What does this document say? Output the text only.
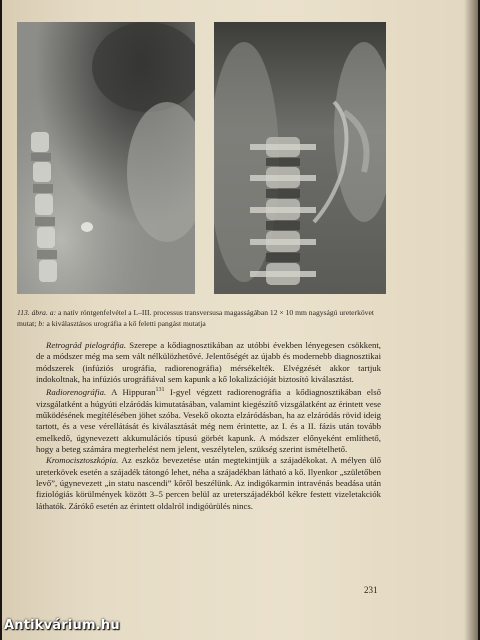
113. ábra. a: a natív röntgenfelvétel a L–III. processus transversusa magasságában 12 × 10 mm nagyságú ureterkövet mutat; b: a kiválasztásos urográfia a kő feletti pangást mutatja

Retrográd pielográfia. Szerepe a kődiagnosztikában az utóbbi években lényegesen csökkent, de a módszer még ma sem vált nélkülözhetővé. Jelentőségét az újabb és modernebb diagnosztikai módszerek (infúziós urográfia, radiorenográfia) mérsékelték. Elvégzését akkor tartjuk indokoltnak, ha infúziós urográfiával sem kapunk a kő lokalizációját biztosító kiválasztást.

Radiorenográfia. A Hippuran$^{131}$ I-gyel végzett radiorenográfia a kődiagnosztikában első vizsgálatként a húgyúti elzáródás kimutatásában, valamint kiegészítő vizsgálatként az érintett vese működésének megítélésében jöhet szóba. Vesekő okozta elzáródásban, ha az elzáródás rövid ideig tartott, és a vese vérellátását és kiválasztását még nem érintette, az I. és a II. fázis után tovább emelkedő, úgynevezett akkumulációs típusú görbét kapunk. A módszer előnyeként említhető, hogy a beteg számára megterhelést nem jelent, veszélytelen, szükség szerint ismételhető.

Kromocisztoszkópia. Az eszköz bevezetése után megtekintjük a szájadékokat. A mélyen ülő ureterkövek esetén a szájadék tátongó lehet, néha a szájadékban látható a kő. Ilyenkor „születőben levő”, úgynevezett „in statu nascendi” kőről beszélünk. Az indigókarmin intravénás beadása után fiziológiás körülmények között 3–5 percen belül az ureterszájadékból kékre festett vizeletakciók láthatók. Zárókő esetén az érintett oldalról indigóürülés nincs.

231
Antikvárium.hu
